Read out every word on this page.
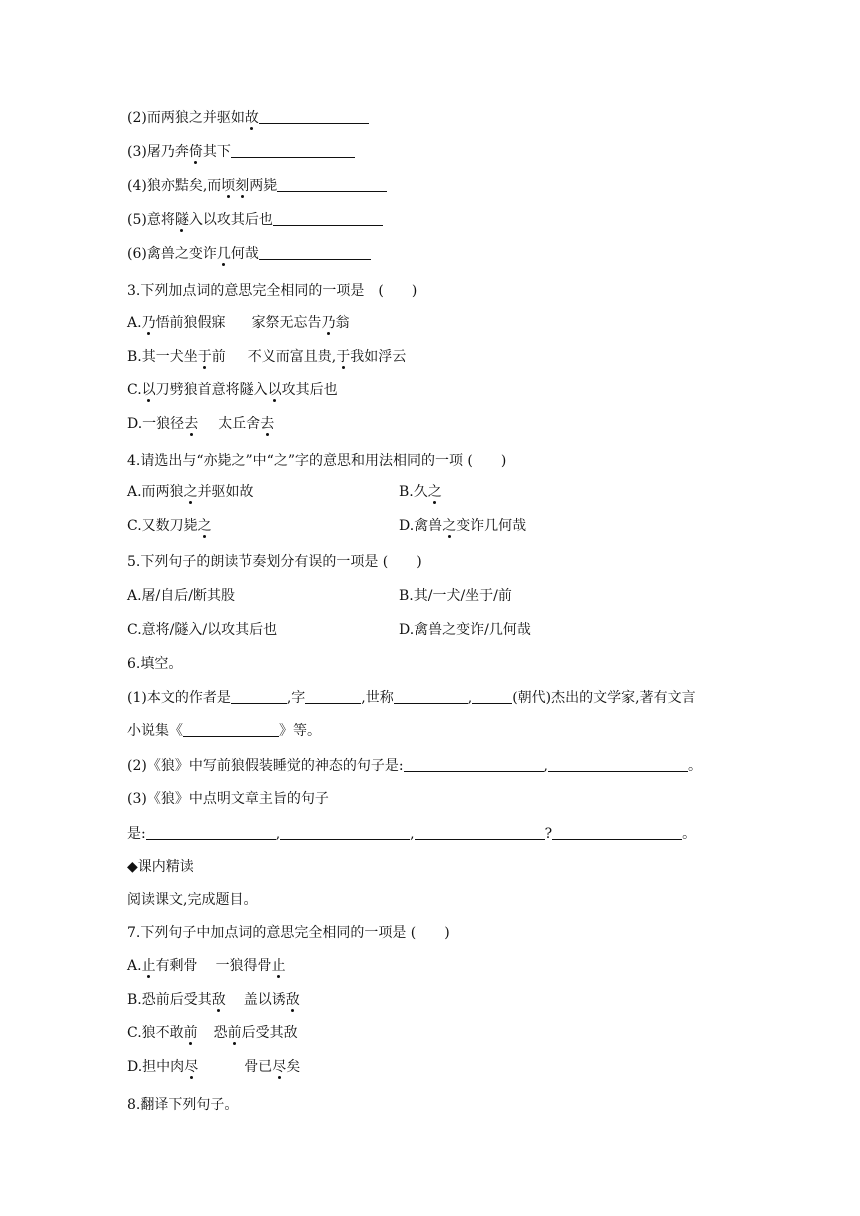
(2)而两狼之并驱如故
(3)屠乃奔倚其下
(4)狼亦黠矣,而顷刻两毙
(5)意将隧入以攻其后也
(6)禽兽之变诈几何哉
3.下列加点词的意思完全相同的一项是　(　　)
A.乃悟前狼假寐 家祭无忘告乃翁
B.其一犬坐于前 不义而富且贵,于我如浮云
C.以刀劈狼首意将隧入以攻其后也
D.一狼径去 太丘舍去
4.请选出与“亦毙之”中“之”字的意思和用法相同的一项 (　　)
A.而两狼之并驱如故	B.久之
C.又数刀毙之	D.禽兽之变诈几何哉
5.下列句子的朗读节奏划分有误的一项是 (　　)
A.屠/自后/断其股	B.其/一犬/坐于/前
C.意将/隧入/以攻其后也	D.禽兽之变诈/几何哉
6.填空。
(1)本文的作者是	,字	,世称	,	(朝代)杰出的文学家,著有文言
小说集《	》等。
(2)《狼》中写前狼假装睡觉的神态的句子是:	,	。
(3)《狼》中点明文章主旨的句子
是:	,	,	?	。
◆课内精读
阅读课文,完成题目。
7.下列句子中加点词的意思完全相同的一项是 (　　)
A.止有剩骨 一狼得骨止
B.恐前后受其敌 盖以诱敌
C.狼不敢前 恐前后受其敌
D.担中肉尽	骨已尽矣
8.翻译下列句子。
